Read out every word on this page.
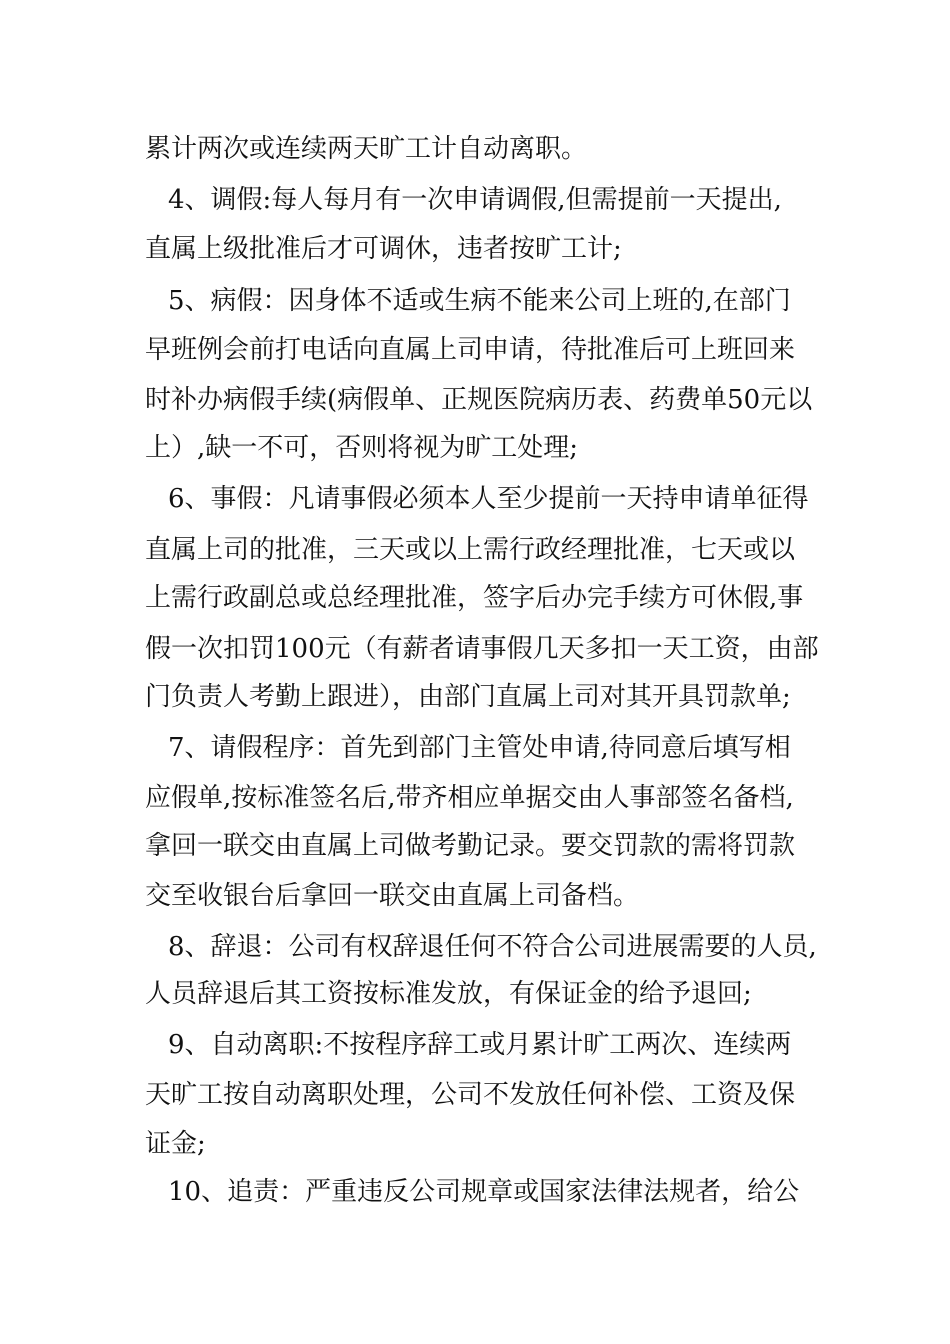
累计两次或连续两天旷工计自动离职。
4、调假:每人每月有一次申请调假,但需提前一天提出,
直属上级批准后才可调休，违者按旷工计;
5、病假：因身体不适或生病不能来公司上班的,在部门
早班例会前打电话向直属上司申请，待批准后可上班回来
时补办病假手续(病假单、正规医院病历表、药费单50元以
上）,缺一不可，否则将视为旷工处理;
6、事假：凡请事假必须本人至少提前一天持申请单征得
直属上司的批准，三天或以上需行政经理批准，七天或以
上需行政副总或总经理批准，签字后办完手续方可休假,事
假一次扣罚100元（有薪者请事假几天多扣一天工资，由部
门负责人考勤上跟进），由部门直属上司对其开具罚款单;
7、请假程序：首先到部门主管处申请,待同意后填写相
应假单,按标准签名后,带齐相应单据交由人事部签名备档,
拿回一联交由直属上司做考勤记录。要交罚款的需将罚款
交至收银台后拿回一联交由直属上司备档。
8、辞退：公司有权辞退任何不符合公司进展需要的人员,
人员辞退后其工资按标准发放，有保证金的给予退回;
9、自动离职:不按程序辞工或月累计旷工两次、连续两
天旷工按自动离职处理，公司不发放任何补偿、工资及保
证金;
10、追责：严重违反公司规章或国家法律法规者，给公
